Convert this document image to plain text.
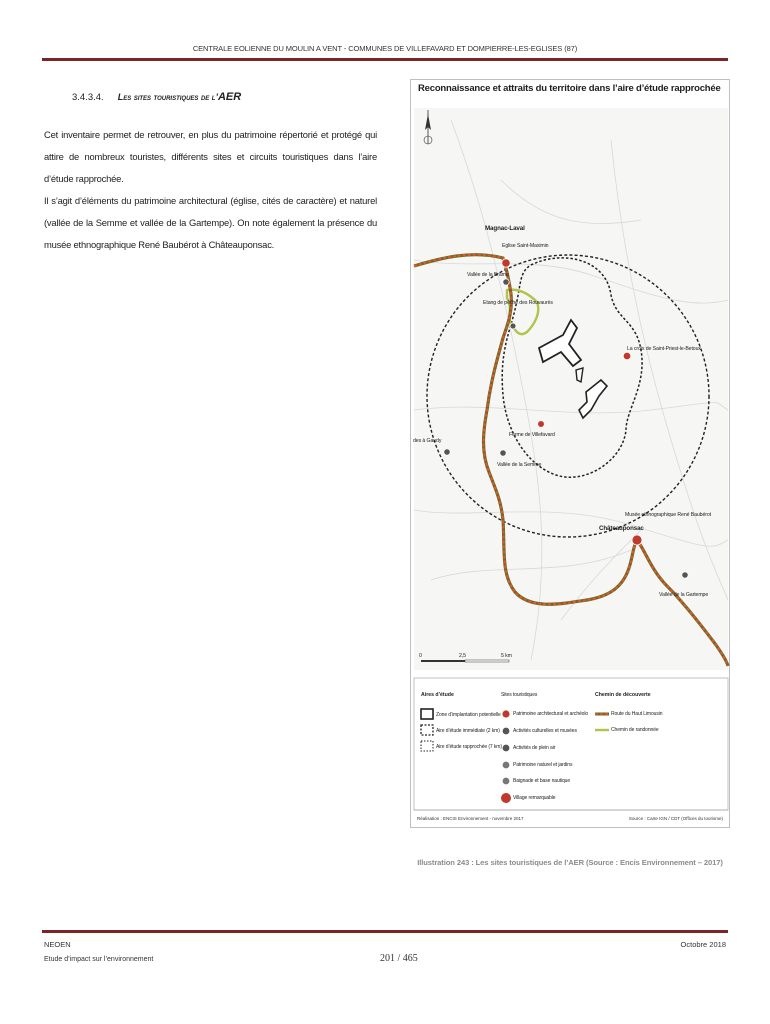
CENTRALE EOLIENNE DU MOULIN A VENT - COMMUNES DE VILLEFAVARD ET DOMPIERRE-LES-EGLISES (87)
3.4.3.4. Les sites touristiques de l’AER

Cet inventaire permet de retrouver, en plus du patrimoine répertorié et protégé qui attire de nombreux touristes, différents sites et circuits touristiques dans l’aire d’étude rapprochée.

Il s’agit d’éléments du patrimoine architectural (église, cités de caractère) et naturel (vallée de la Semme et vallée de la Gartempe). On note également la présence du musée ethnographique René Baubérot à Châteauponsac.

Magnac-Laval
Eglise Saint-Maximin
Vallée de la Brame
Etang de pêche des Rouvaurès
La croix de Saint-Priest-le-Betoux
Ferme de Villefavard
Vallée de la Semme
des à Gaudy
Musée ethnographique René Baubérot
Châteauponsac
Vallée de la Gartempe
0	2,5	5 km
Aires d’étude
Zone d’implantation potentielle
Aire d’étude immédiate (2 km)
Aire d’étude rapprochée (7 km)
Sites touristiques
Patrimoine architectural et archéolo
Activités culturelles et musées
Activités de plein air
Patrimoine naturel et jardins
Baignade et base nautique
Village remarquable
Chemin de découverte
Route du Haut Limousin
Chemin de randonnée
Réalisation : ENCIS Environnement - novembre 2017	Source : Carte IGN / CDT (Offices du tourisme)
Reconnaissance et attraits du territoire dans l’aire d’étude rapprochée
Illustration 243 : Les sites touristiques de l’AER (Source : Encis Environnement – 2017)
NEOEN
Etude d’impact sur l’environnement	201 / 465
Octobre 2018
